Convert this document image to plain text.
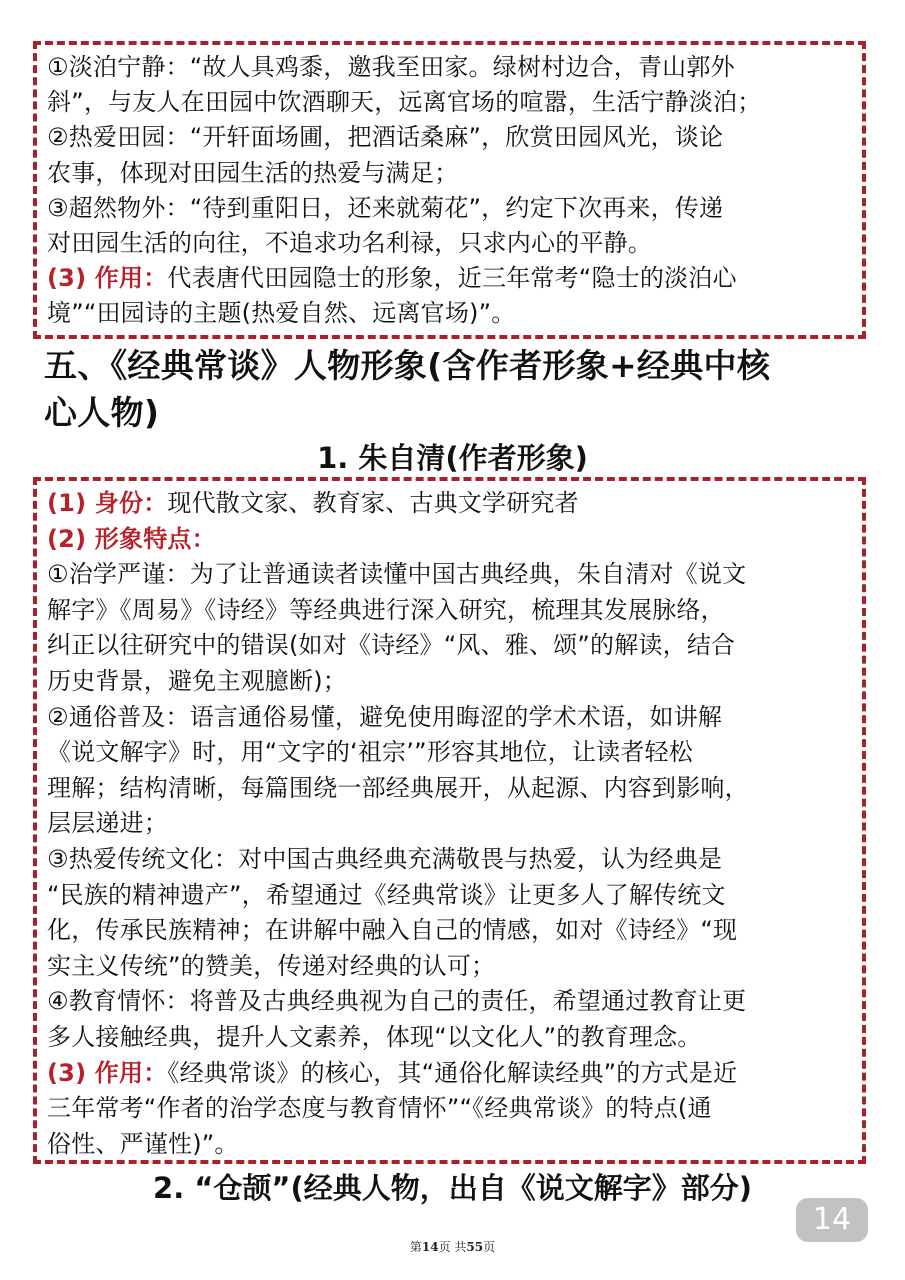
①淡泊宁静：“故人具鸡黍，邀我至田家。绿树村边合，青山郭外
斜”，与友人在田园中饮酒聊天，远离官场的喧嚣，生活宁静淡泊；
②热爱田园：“开轩面场圃，把酒话桑麻”，欣赏田园风光，谈论
农事，体现对田园生活的热爱与满足；
③超然物外：“待到重阳日，还来就菊花”，约定下次再来，传递
对田园生活的向往，不追求功名利禄，只求内心的平静。
(3) 作用：代表唐代田园隐士的形象，近三年常考“隐士的淡泊心
境”“田园诗的主题(热爱自然、远离官场)”。
五、《经典常谈》人物形象(含作者形象+经典中核
心人物)
1. 朱自清(作者形象)
(1) 身份：现代散文家、教育家、古典文学研究者
(2) 形象特点：
①治学严谨：为了让普通读者读懂中国古典经典，朱自清对《说文
解字》《周易》《诗经》等经典进行深入研究，梳理其发展脉络，
纠正以往研究中的错误(如对《诗经》“风、雅、颂”的解读，结合
历史背景，避免主观臆断)；
②通俗普及：语言通俗易懂，避免使用晦涩的学术术语，如讲解
《说文解字》时，用“文字的‘祖宗’”形容其地位，让读者轻松
理解；结构清晰，每篇围绕一部经典展开，从起源、内容到影响，
层层递进；
③热爱传统文化：对中国古典经典充满敬畏与热爱，认为经典是
“民族的精神遗产”，希望通过《经典常谈》让更多人了解传统文
化，传承民族精神；在讲解中融入自己的情感，如对《诗经》“现
实主义传统”的赞美，传递对经典的认可；
④教育情怀：将普及古典经典视为自己的责任，希望通过教育让更
多人接触经典，提升人文素养，体现“以文化人”的教育理念。
(3) 作用：《经典常谈》的核心，其“通俗化解读经典”的方式是近
三年常考“作者的治学态度与教育情怀”“《经典常谈》的特点(通
俗性、严谨性)”。
2. “仓颉”(经典人物，出自《说文解字》部分)
14
第14页 共55页
